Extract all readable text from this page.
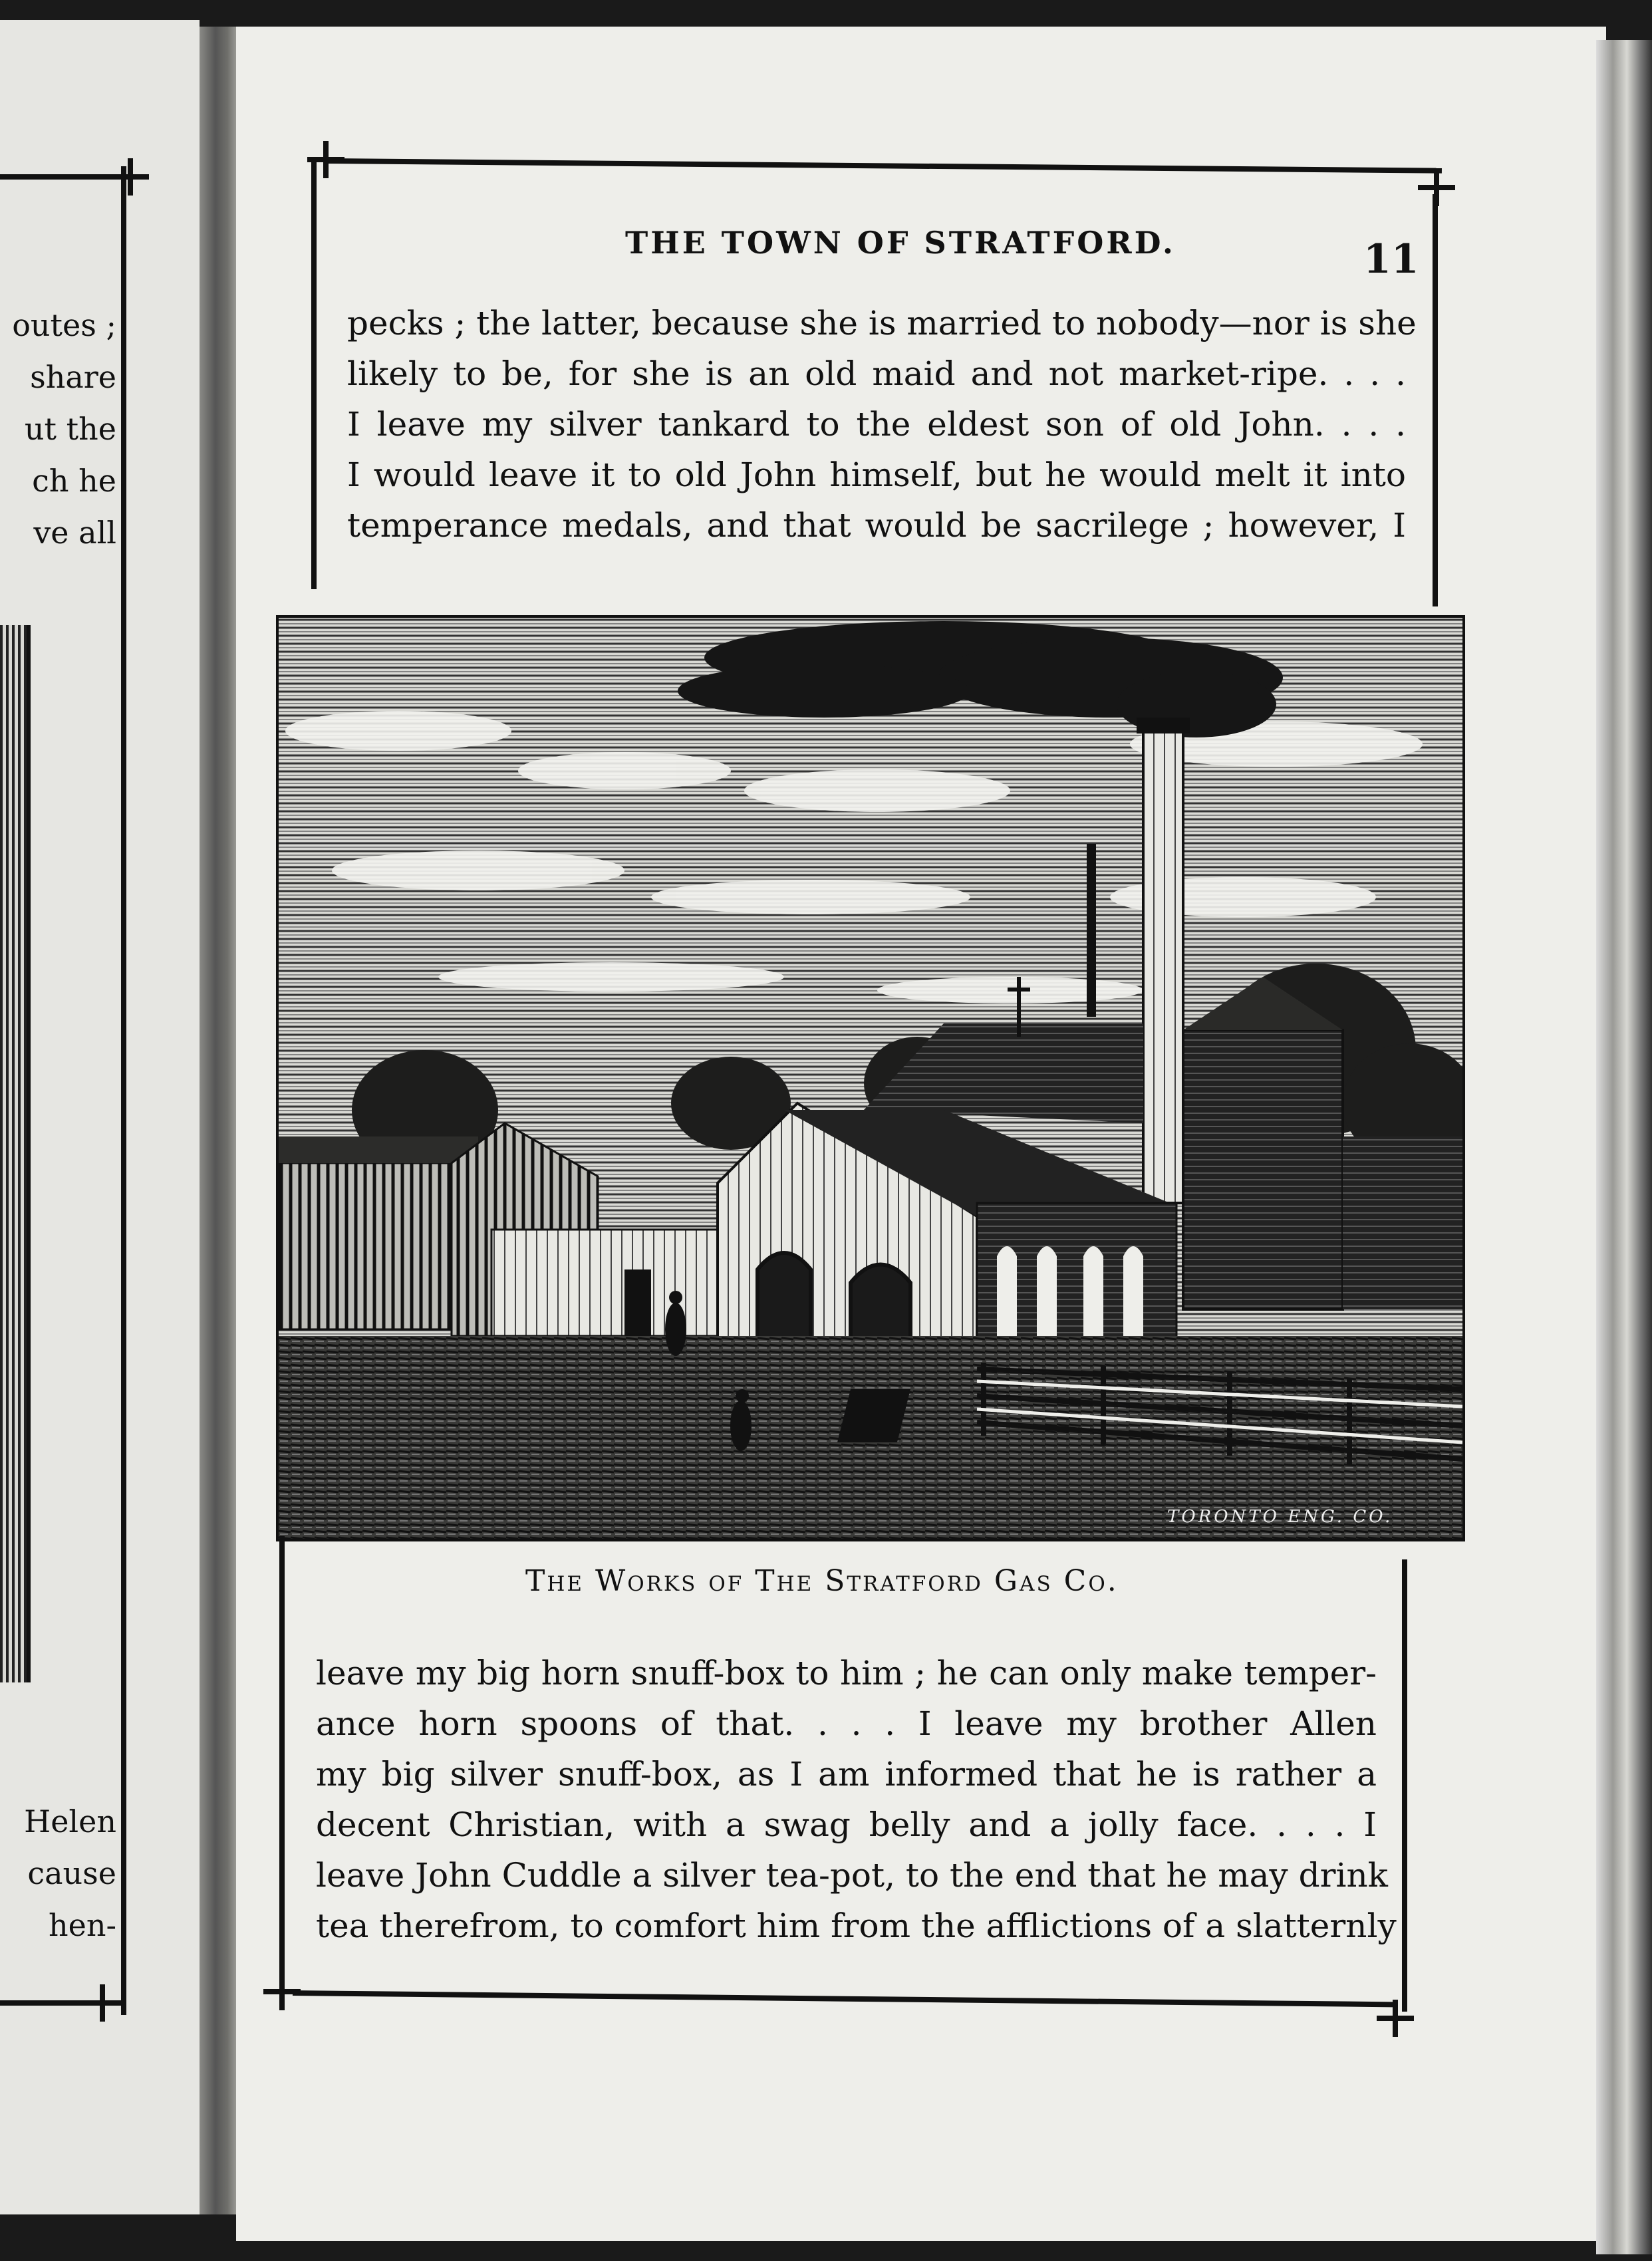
outes ;
share
ut the
ch he
ve all
Helen
cause
hen-
THE TOWN OF STRATFORD.	11
pecks ; the latter, because she is married to nobody—nor is she
likely to be, for she is an old maid and not market-ripe. . . .
I leave my silver tankard to the eldest son of old John. . . .
I would leave it to old John himself, but he would melt it into
temperance medals, and that would be sacrilege ; however, I
TORONTO ENG. CO.
The Works of The Stratford Gas Co.
leave my big horn snuff-box to him ; he can only make temper-
ance horn spoons of that. . . . I leave my brother Allen
my big silver snuff-box, as I am informed that he is rather a
decent Christian, with a swag belly and a jolly face. . . . I
leave John Cuddle a silver tea-pot, to the end that he may drink
tea therefrom, to comfort him from the afflictions of a slatternly
